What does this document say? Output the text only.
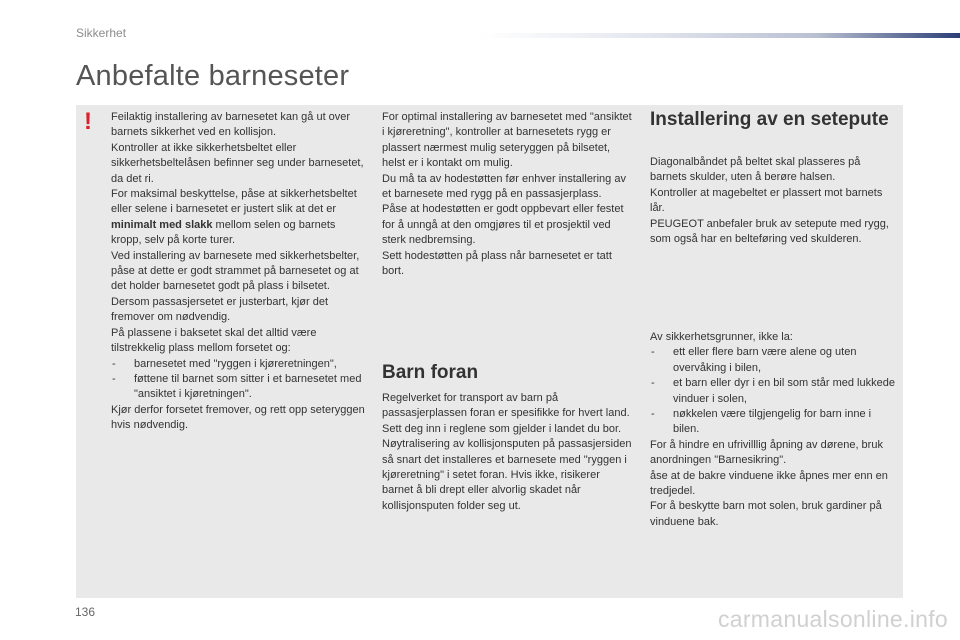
Sikkerhet
Anbefalte barneseter
! Feilaktig installering av barnesetet kan gå ut over barnets sikkerhet ved en kollisjon.

Kontroller at ikke sikkerhetsbeltet eller sikkerhetsbeltelåsen befinner seg under barnesetet, da det ri.

For maksimal beskyttelse, påse at sikkerhetsbeltet eller selene i barnesetet er justert slik at det er minimalt med slakk mellom selen og barnets kropp, selv på korte turer.

Ved installering av barnesete med sikkerhetsbelter, påse at dette er godt strammet på barnesetet og at det holder barnesetet godt på plass i bilsetet. Dersom passasjersetet er justerbart, kjør det fremover om nødvendig.

På plassene i baksetet skal det alltid være tilstrekkelig plass mellom forsetet og:

- barnesetet med "ryggen i kjøreretningen",
- føttene til barnet som sitter i et barnesetet med "ansiktet i kjøretningen".

Kjør derfor forsetet fremover, og rett opp seteryggen hvis nødvendig.

For optimal installering av barnesetet med "ansiktet i kjøreretning", kontroller at barnesetets rygg er plassert nærmest mulig seteryggen på bilsetet, helst er i kontakt om mulig.

Du må ta av hodestøtten før enhver installering av et barnesete med rygg på en passasjerplass.

Påse at hodestøtten er godt oppbevart eller festet for å unngå at den omgjøres til et prosjektil ved sterk nedbremsing.

Sett hodestøtten på plass når barnesetet er tatt bort.

Barn foran

Regelverket for transport av barn på passasjerplassen foran er spesifikke for hvert land. Sett deg inn i reglene som gjelder i landet du bor.

Nøytralisering av kollisjonsputen på passasjersiden så snart det installeres et barnesete med "ryggen i kjøreretning" i setet foran. Hvis ikke, risikerer barnet å bli drept eller alvorlig skadet når kollisjonsputen folder seg ut.

Installering av en setepute

Diagonalbåndet på beltet skal plasseres på barnets skulder, uten å berøre halsen.

Kontroller at magebeltet er plassert mot barnets lår.

PEUGEOT anbefaler bruk av setepute med rygg, som også har en belteføring ved skulderen.

Av sikkerhetsgrunner, ikke la:

- ett eller flere barn være alene og uten overvåking i bilen,
- et barn eller dyr i en bil som står med lukkede vinduer i solen,
- nøkkelen være tilgjengelig for barn inne i bilen.

For å hindre en ufrivilllig åpning av dørene, bruk anordningen "Barnesikring".

åse at de bakre vinduene ikke åpnes mer enn en tredjedel.

For å beskytte barn mot solen, bruk gardiner på vinduene bak.

136	carmanualsonline.info
